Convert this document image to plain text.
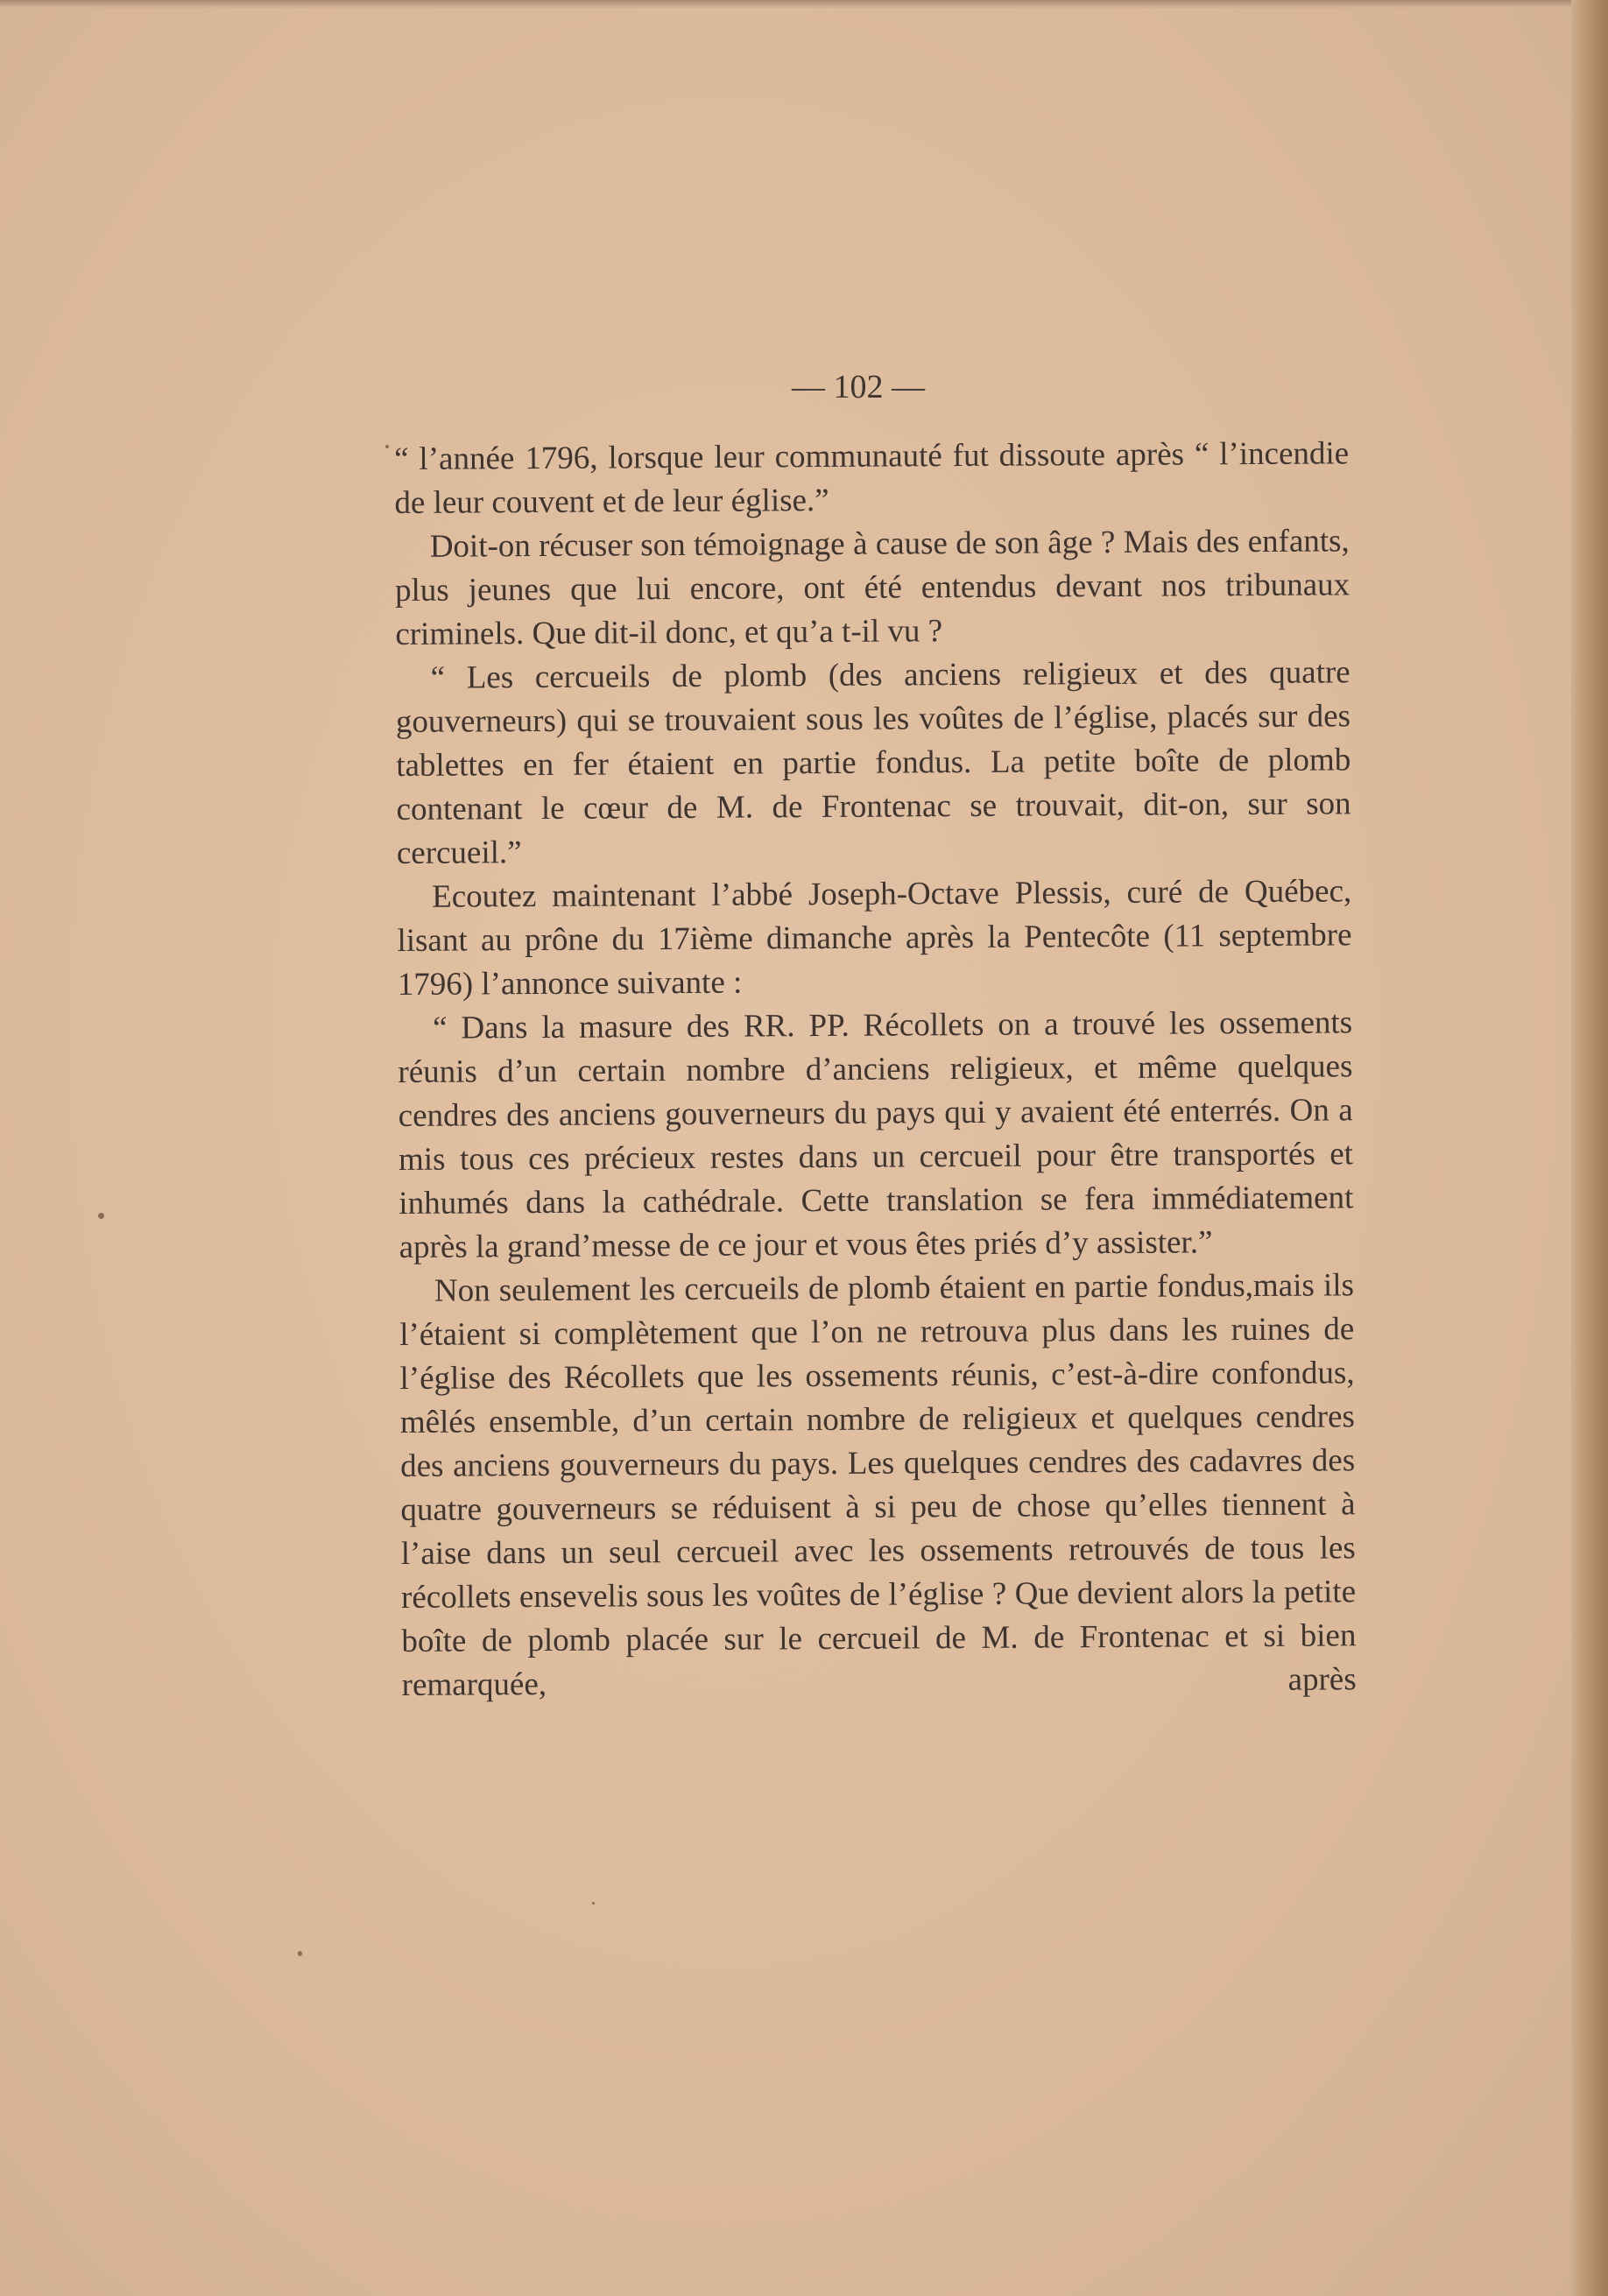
— 102 —

“ l’année 1796, lorsque leur communauté fut dissoute après “ l’incendie de leur couvent et de leur église.”

Doit-on récuser son témoignage à cause de son âge ? Mais des enfants, plus jeunes que lui encore, ont été entendus devant nos tribunaux criminels. Que dit-il donc, et qu’a t-il vu ?

“ Les cercueils de plomb (des anciens religieux et des quatre gouverneurs) qui se trouvaient sous les voûtes de l’église, placés sur des tablettes en fer étaient en partie fondus. La petite boîte de plomb contenant le cœur de M. de Frontenac se trouvait, dit-on, sur son cercueil.”

Ecoutez maintenant l’abbé Joseph-Octave Plessis, curé de Québec, lisant au prône du 17ième dimanche après la Pentecôte (11 septembre 1796) l’annonce suivante :

“ Dans la masure des RR. PP. Récollets on a trouvé les ossements réunis d’un certain nombre d’anciens religieux, et même quelques cendres des anciens gouverneurs du pays qui y avaient été enterrés. On a mis tous ces précieux restes dans un cercueil pour être transportés et inhumés dans la cathédrale. Cette translation se fera immédiatement après la grand’messe de ce jour et vous êtes priés d’y assister.”

Non seulement les cercueils de plomb étaient en partie fondus,mais ils l’étaient si complètement que l’on ne retrouva plus dans les ruines de l’église des Récollets que les ossements réunis, c’est-à-dire confondus, mêlés ensemble, d’un certain nombre de religieux et quelques cendres des anciens gouverneurs du pays. Les quelques cendres des cadavres des quatre gouverneurs se réduisent à si peu de chose qu’elles tiennent à l’aise dans un seul cercueil avec les ossements retrouvés de tous les récollets ensevelis sous les voûtes de l’église ? Que devient alors la petite boîte de plomb placée sur le cercueil de M. de Frontenac et si bien remarquée, après
